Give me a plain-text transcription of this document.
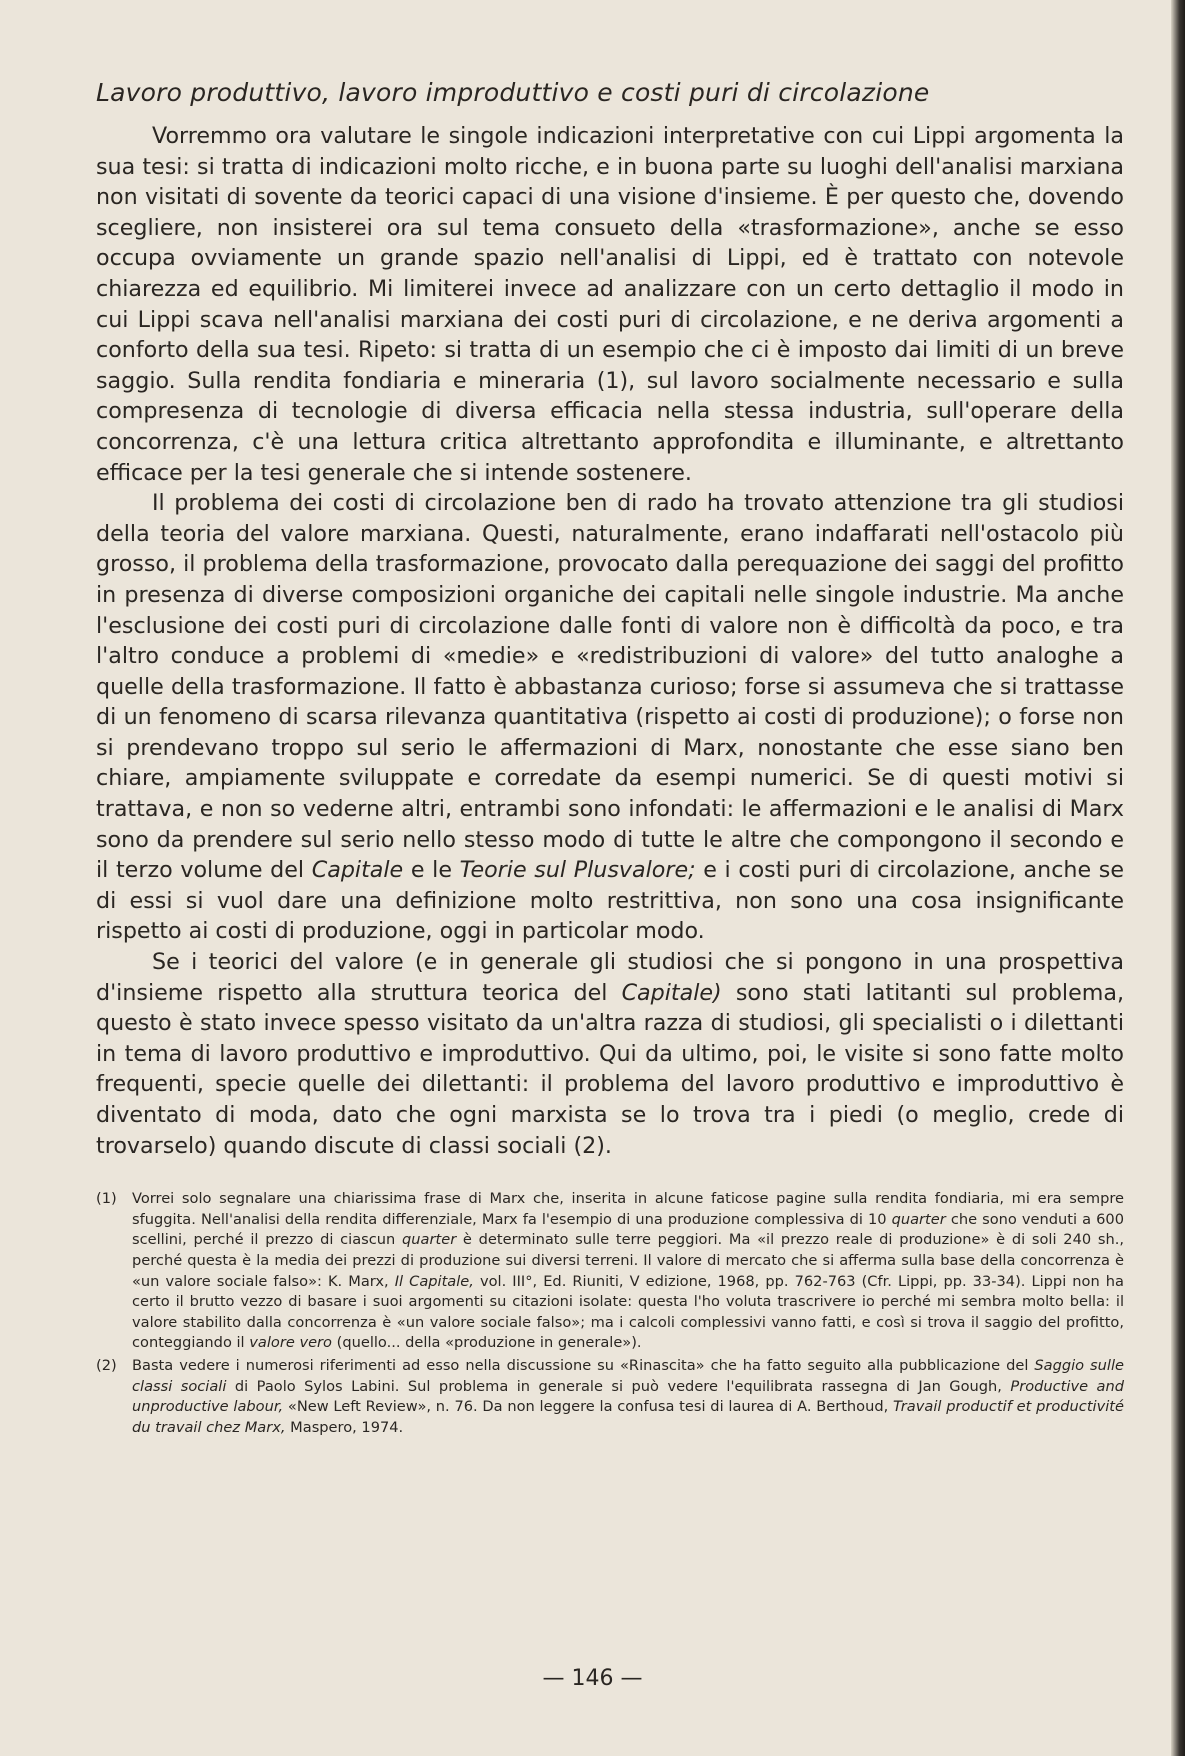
Lavoro produttivo, lavoro improduttivo e costi puri di circolazione

Vorremmo ora valutare le singole indicazioni interpretative con cui Lippi argomenta la sua tesi: si tratta di indicazioni molto ricche, e in buona parte su luoghi dell'analisi marxiana non visitati di sovente da teorici capaci di una visione d'insieme. È per questo che, dovendo scegliere, non insisterei ora sul tema consueto della «trasformazione», anche se esso occupa ovviamente un grande spazio nell'analisi di Lippi, ed è trattato con notevole chiarezza ed equilibrio. Mi limiterei invece ad analizzare con un certo dettaglio il modo in cui Lippi scava nell'analisi marxiana dei costi puri di circolazione, e ne deriva argomenti a conforto della sua tesi. Ripeto: si tratta di un esempio che ci è imposto dai limiti di un breve saggio. Sulla rendita fondiaria e mineraria (1), sul lavoro socialmente necessario e sulla compresenza di tecnologie di diversa efficacia nella stessa industria, sull'operare della concorrenza, c'è una lettura critica altrettanto approfondita e illuminante, e altrettanto efficace per la tesi generale che si intende sostenere.

Il problema dei costi di circolazione ben di rado ha trovato attenzione tra gli studiosi della teoria del valore marxiana. Questi, naturalmente, erano indaffarati nell'ostacolo più grosso, il problema della trasformazione, provocato dalla perequazione dei saggi del profitto in presenza di diverse composizioni organiche dei capitali nelle singole industrie. Ma anche l'esclusione dei costi puri di circolazione dalle fonti di valore non è difficoltà da poco, e tra l'altro conduce a problemi di «medie» e «redistribuzioni di valore» del tutto analoghe a quelle della trasformazione. Il fatto è abbastanza curioso; forse si assumeva che si trattasse di un fenomeno di scarsa rilevanza quantitativa (rispetto ai costi di produzione); o forse non si prendevano troppo sul serio le affermazioni di Marx, nonostante che esse siano ben chiare, ampiamente sviluppate e corredate da esempi numerici. Se di questi motivi si trattava, e non so vederne altri, entrambi sono infondati: le affermazioni e le analisi di Marx sono da prendere sul serio nello stesso modo di tutte le altre che compongono il secondo e il terzo volume del Capitale e le Teorie sul Plusvalore; e i costi puri di circolazione, anche se di essi si vuol dare una definizione molto restrittiva, non sono una cosa insignificante rispetto ai costi di produzione, oggi in particolar modo.

Se i teorici del valore (e in generale gli studiosi che si pongono in una prospettiva d'insieme rispetto alla struttura teorica del Capitale) sono stati latitanti sul problema, questo è stato invece spesso visitato da un'altra razza di studiosi, gli specialisti o i dilettanti in tema di lavoro produttivo e improduttivo. Qui da ultimo, poi, le visite si sono fatte molto frequenti, specie quelle dei dilettanti: il problema del lavoro produttivo e improduttivo è diventato di moda, dato che ogni marxista se lo trova tra i piedi (o meglio, crede di trovarselo) quando discute di classi sociali (2).

(1) Vorrei solo segnalare una chiarissima frase di Marx che, inserita in alcune faticose pagine sulla rendita fondiaria, mi era sempre sfuggita. Nell'analisi della rendita differenziale, Marx fa l'esempio di una produzione complessiva di 10 quarter che sono venduti a 600 scellini, perché il prezzo di ciascun quarter è determinato sulle terre peggiori. Ma «il prezzo reale di produzione» è di soli 240 sh., perché questa è la media dei prezzi di produzione sui diversi terreni. Il valore di mercato che si afferma sulla base della concorrenza è «un valore sociale falso»: K. Marx, Il Capitale, vol. III°, Ed. Riuniti, V edizione, 1968, pp. 762-763 (Cfr. Lippi, pp. 33-34). Lippi non ha certo il brutto vezzo di basare i suoi argomenti su citazioni isolate: questa l'ho voluta trascrivere io perché mi sembra molto bella: il valore stabilito dalla concorrenza è «un valore sociale falso»; ma i calcoli complessivi vanno fatti, e così si trova il saggio del profitto, conteggiando il valore vero (quello... della «produzione in generale»).
(2) Basta vedere i numerosi riferimenti ad esso nella discussione su «Rinascita» che ha fatto seguito alla pubblicazione del Saggio sulle classi sociali di Paolo Sylos Labini. Sul problema in generale si può vedere l'equilibrata rassegna di Jan Gough, Productive and unproductive labour, «New Left Review», n. 76. Da non leggere la confusa tesi di laurea di A. Berthoud, Travail productif et productivité du travail chez Marx, Maspero, 1974.
— 146 —
